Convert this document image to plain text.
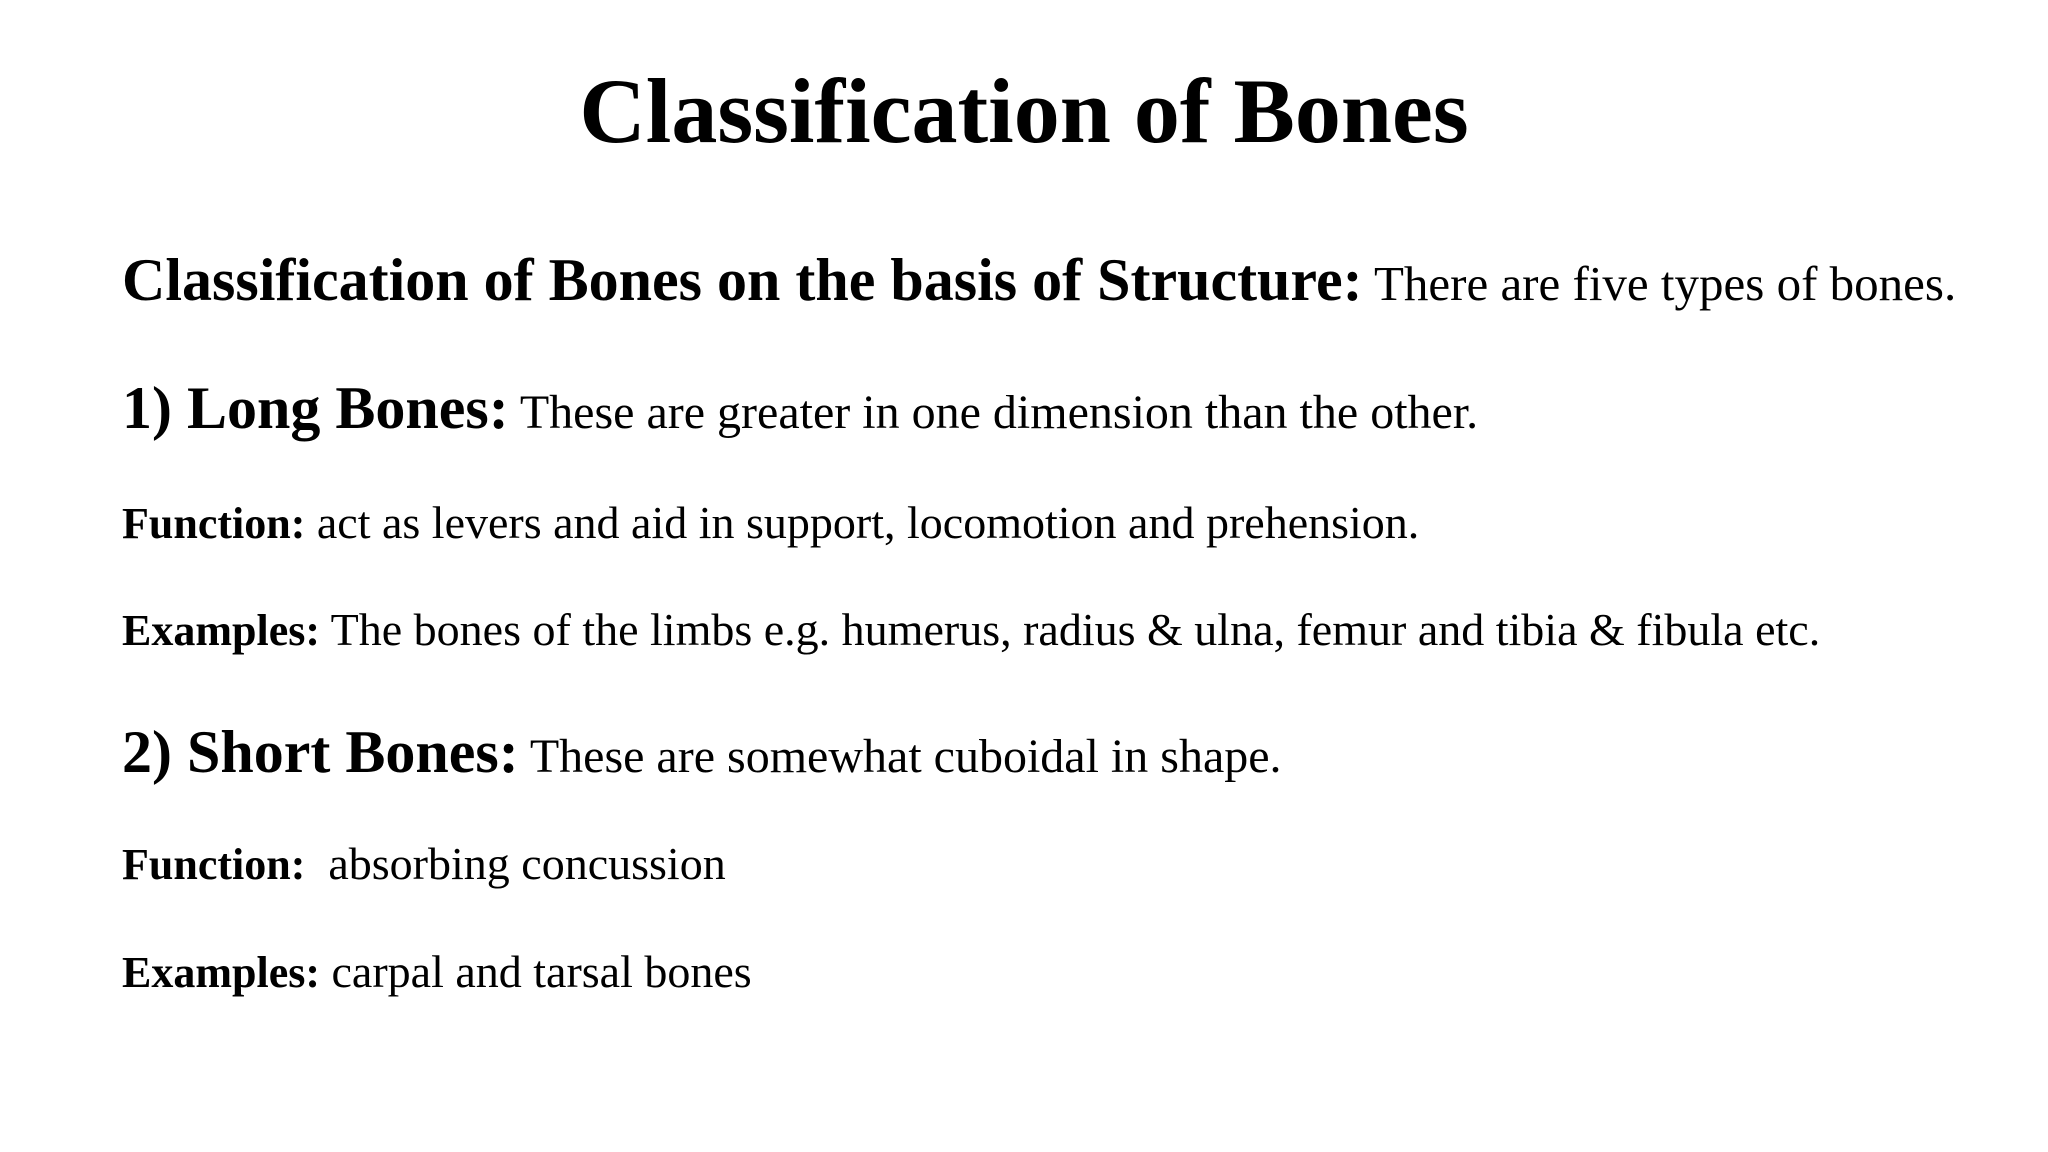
Classification of Bones

Classification of Bones on the basis of Structure: There are five types of bones.

1) Long Bones: These are greater in one dimension than the other.

Function: act as levers and aid in support, locomotion and prehension.

Examples: The bones of the limbs e.g. humerus, radius & ulna, femur and tibia & fibula etc.

2) Short Bones: These are somewhat cuboidal in shape.

Function:  absorbing concussion

Examples: carpal and tarsal bones
